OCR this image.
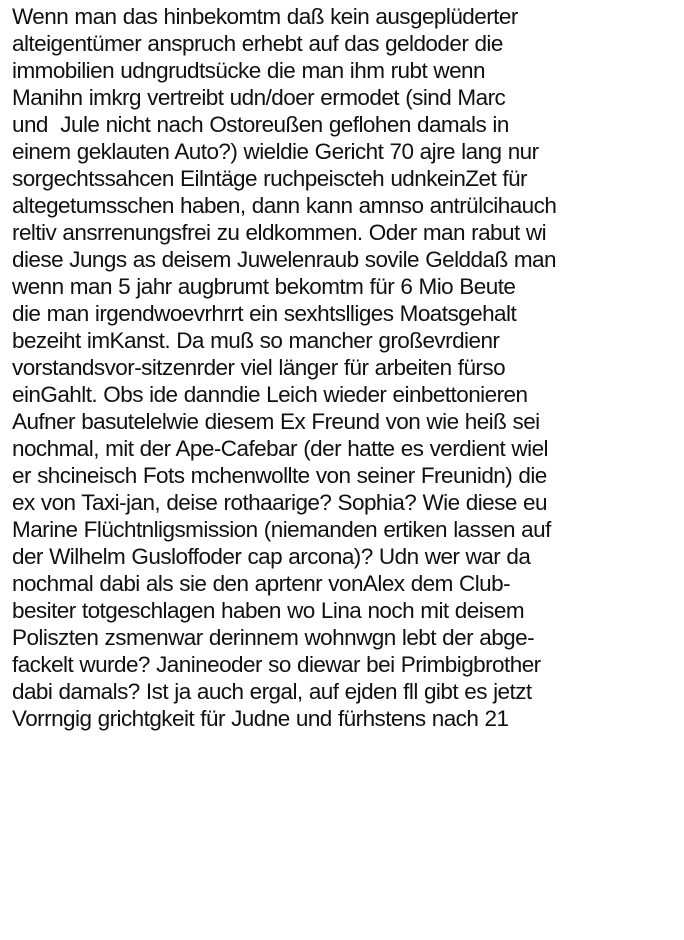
Wenn man das hinbekomtm daß kein ausgeplüderter
alteigentümer anspruch erhebt auf das geldoder die
immobilien udngrudtsücke die man ihm rubt wenn
Manihn imkrg vertreibt udn/doer ermodet (sind Marc
und  Jule nicht nach Ostoreußen geflohen damals in
einem geklauten Auto?) wieldie Gericht 70 ajre lang nur
sorgechtssahcen Eilntäge ruchpeiscteh udnkeinZet für
altegetumsschen haben, dann kann amnso antrülcihauch
reltiv ansrrenungsfrei zu eldkommen. Oder man rabut wi
diese Jungs as deisem Juwelenraub sovile Gelddaß man
wenn man 5 jahr augbrumt bekomtm für 6 Mio Beute
die man irgendwoevrhrrt ein sexhtslliges Moatsgehalt
bezeiht imKanst. Da muß so mancher großevrdienr
vorstandsvor-sitzenrder viel länger für arbeiten fürso
einGahlt. Obs ide danndie Leich wieder einbettonieren
Aufner basutelelwie diesem Ex Freund von wie heiß sei
nochmal, mit der Ape-Cafebar (der hatte es verdient wiel
er shcineisch Fots mchenwollte von seiner Freunidn) die
ex von Taxi-jan, deise rothaarige? Sophia? Wie diese eu
Marine Flüchtnligsmission (niemanden ertiken lassen auf
der Wilhelm Gusloffoder cap arcona)? Udn wer war da
nochmal dabi als sie den aprtenr vonAlex dem Club-
besiter totgeschlagen haben wo Lina noch mit deisem
Poliszten zsmenwar derinnem wohnwgn lebt der abge-
fackelt wurde? Janineoder so diewar bei Primbigbrother
dabi damals? Ist ja auch ergal, auf ejden fll gibt es jetzt
Vorrngig grichtgkeit für Judne und fürhstens nach 21
